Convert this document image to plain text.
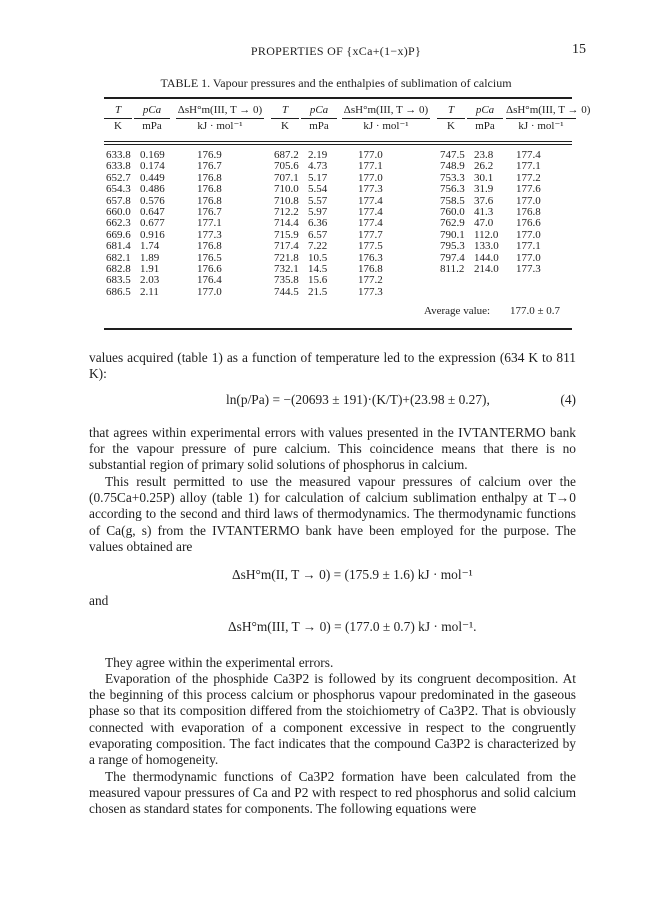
PROPERTIES OF {xCa+(1−x)P}	15
TABLE 1. Vapour pressures and the enthalpies of sublimation of calcium
T
K
pCa
mPa
ΔsH°m(III, T → 0)
kJ · mol⁻¹
T
K
pCa
mPa
ΔsH°m(III, T → 0)
kJ · mol⁻¹
T
K
pCa
mPa
ΔsH°m(III, T → 0)
kJ · mol⁻¹
633.8
633.8
652.7
654.3
657.8
660.0
662.3
669.6
681.4
682.1
682.8
683.5
686.5
0.169
0.174
0.449
0.486
0.576
0.647
0.677
0.916
1.74
1.89
1.91
2.03
2.11
176.9
176.7
176.8
176.8
176.8
176.7
177.1
177.3
176.8
176.5
176.6
176.4
177.0
687.2
705.6
707.1
710.0
710.8
712.2
714.4
715.9
717.4
721.8
732.1
735.8
744.5
2.19
4.73
5.17
5.54
5.57
5.97
6.36
6.57
7.22
10.5
14.5
15.6
21.5
177.0
177.1
177.0
177.3
177.4
177.4
177.4
177.7
177.5
176.3
176.8
177.2
177.3
747.5
748.9
753.3
756.3
758.5
760.0
762.9
790.1
795.3
797.4
811.2
23.8
26.2
30.1
31.9
37.6
41.3
47.0
112.0
133.0
144.0
214.0
177.4
177.1
177.2
177.6
177.0
176.8
176.6
177.0
177.1
177.0
177.3
Average value: 177.0 ± 0.7
values acquired (table 1) as a function of temperature led to the expression (634 K to 811 K):
ln(p/Pa) = −(20693 ± 191)·(K/T)+(23.98 ± 0.27),	(4)
that agrees within experimental errors with values presented in the IVTANTERMO bank for the vapour pressure of pure calcium. This coincidence means that there is no substantial region of primary solid solutions of phosphorus in calcium.
This result permitted to use the measured vapour pressures of calcium over the (0.75Ca+0.25P) alloy (table 1) for calculation of calcium sublimation enthalpy at T→0 according to the second and third laws of thermodynamics. The thermodynamic functions of Ca(g, s) from the IVTANTERMO bank have been employed for the purpose. The values obtained are
ΔsH°m(II, T → 0) = (175.9 ± 1.6) kJ · mol⁻¹
and
ΔsH°m(III, T → 0) = (177.0 ± 0.7) kJ · mol⁻¹.
They agree within the experimental errors.
Evaporation of the phosphide Ca3P2 is followed by its congruent decomposition. At the beginning of this process calcium or phosphorus vapour predominated in the gaseous phase so that its composition differed from the stoichiometry of Ca3P2. That is obviously connected with evaporation of a component excessive in respect to the congruently evaporating composition. The fact indicates that the compound Ca3P2 is characterized by a range of homogeneity.
The thermodynamic functions of Ca3P2 formation have been calculated from the measured vapour pressures of Ca and P2 with respect to red phosphorus and solid calcium chosen as standard states for components. The following equations were
